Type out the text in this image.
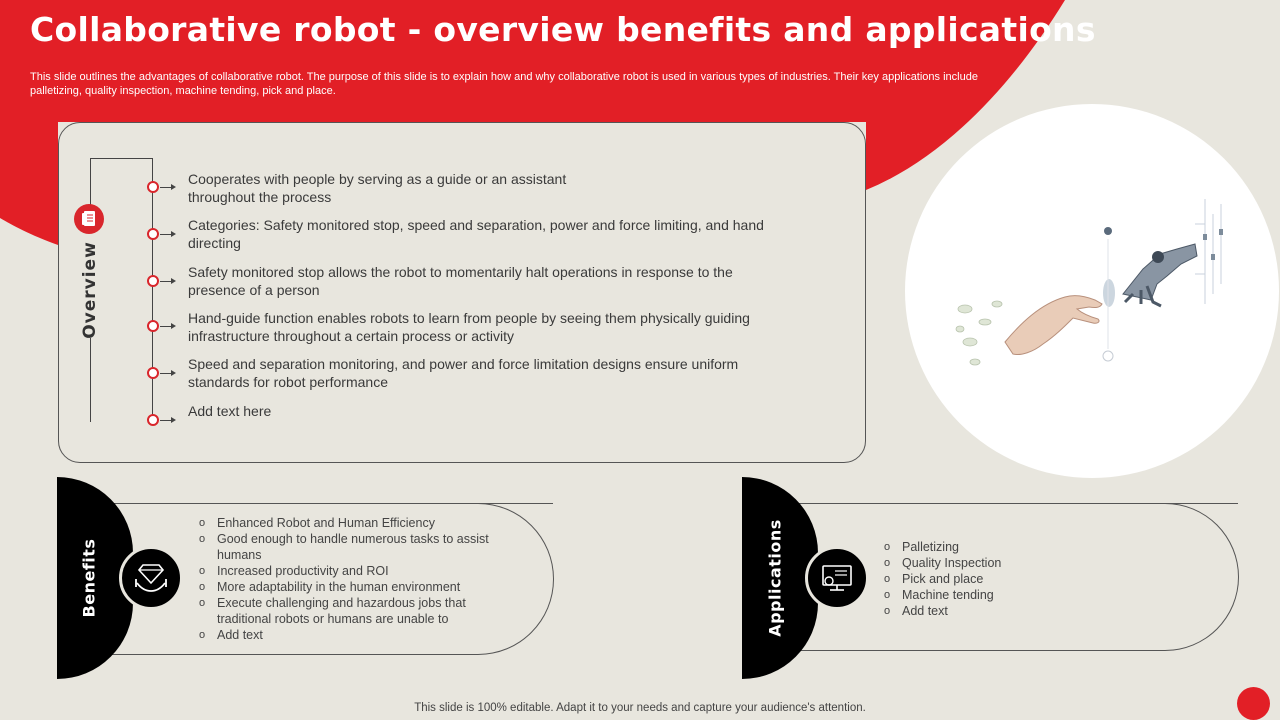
Collaborative robot - overview benefits and applications

This slide outlines the advantages of collaborative robot. The purpose of this slide is to explain how and why collaborative robot is used in various types of industries. Their key applications include palletizing, quality inspection, machine tending, pick and place.

Overview
Cooperates with people by serving as a guide or an assistant throughout the process
Categories: Safety monitored stop, speed and separation, power and force limiting, and hand directing
Safety monitored stop allows the robot to momentarily halt operations in response to the presence of a person
Hand-guide function enables robots to learn from people by seeing them physically guiding infrastructure throughout a certain process or activity
Speed and separation monitoring, and power and force limitation designs ensure uniform standards for robot performance
Add text here
Benefits
o Enhanced Robot and Human Efficiency
o Good enough to handle numerous tasks to assist humans
o Increased productivity and ROI
o More adaptability in the human environment
o Execute challenging and hazardous jobs that traditional robots or humans are unable to
o Add text	Applications
o	Palletizing
o Quality Inspection
o Pick and place
o Machine tending
o Add text
This slide is 100% editable. Adapt it to your needs and capture your audience's attention.
